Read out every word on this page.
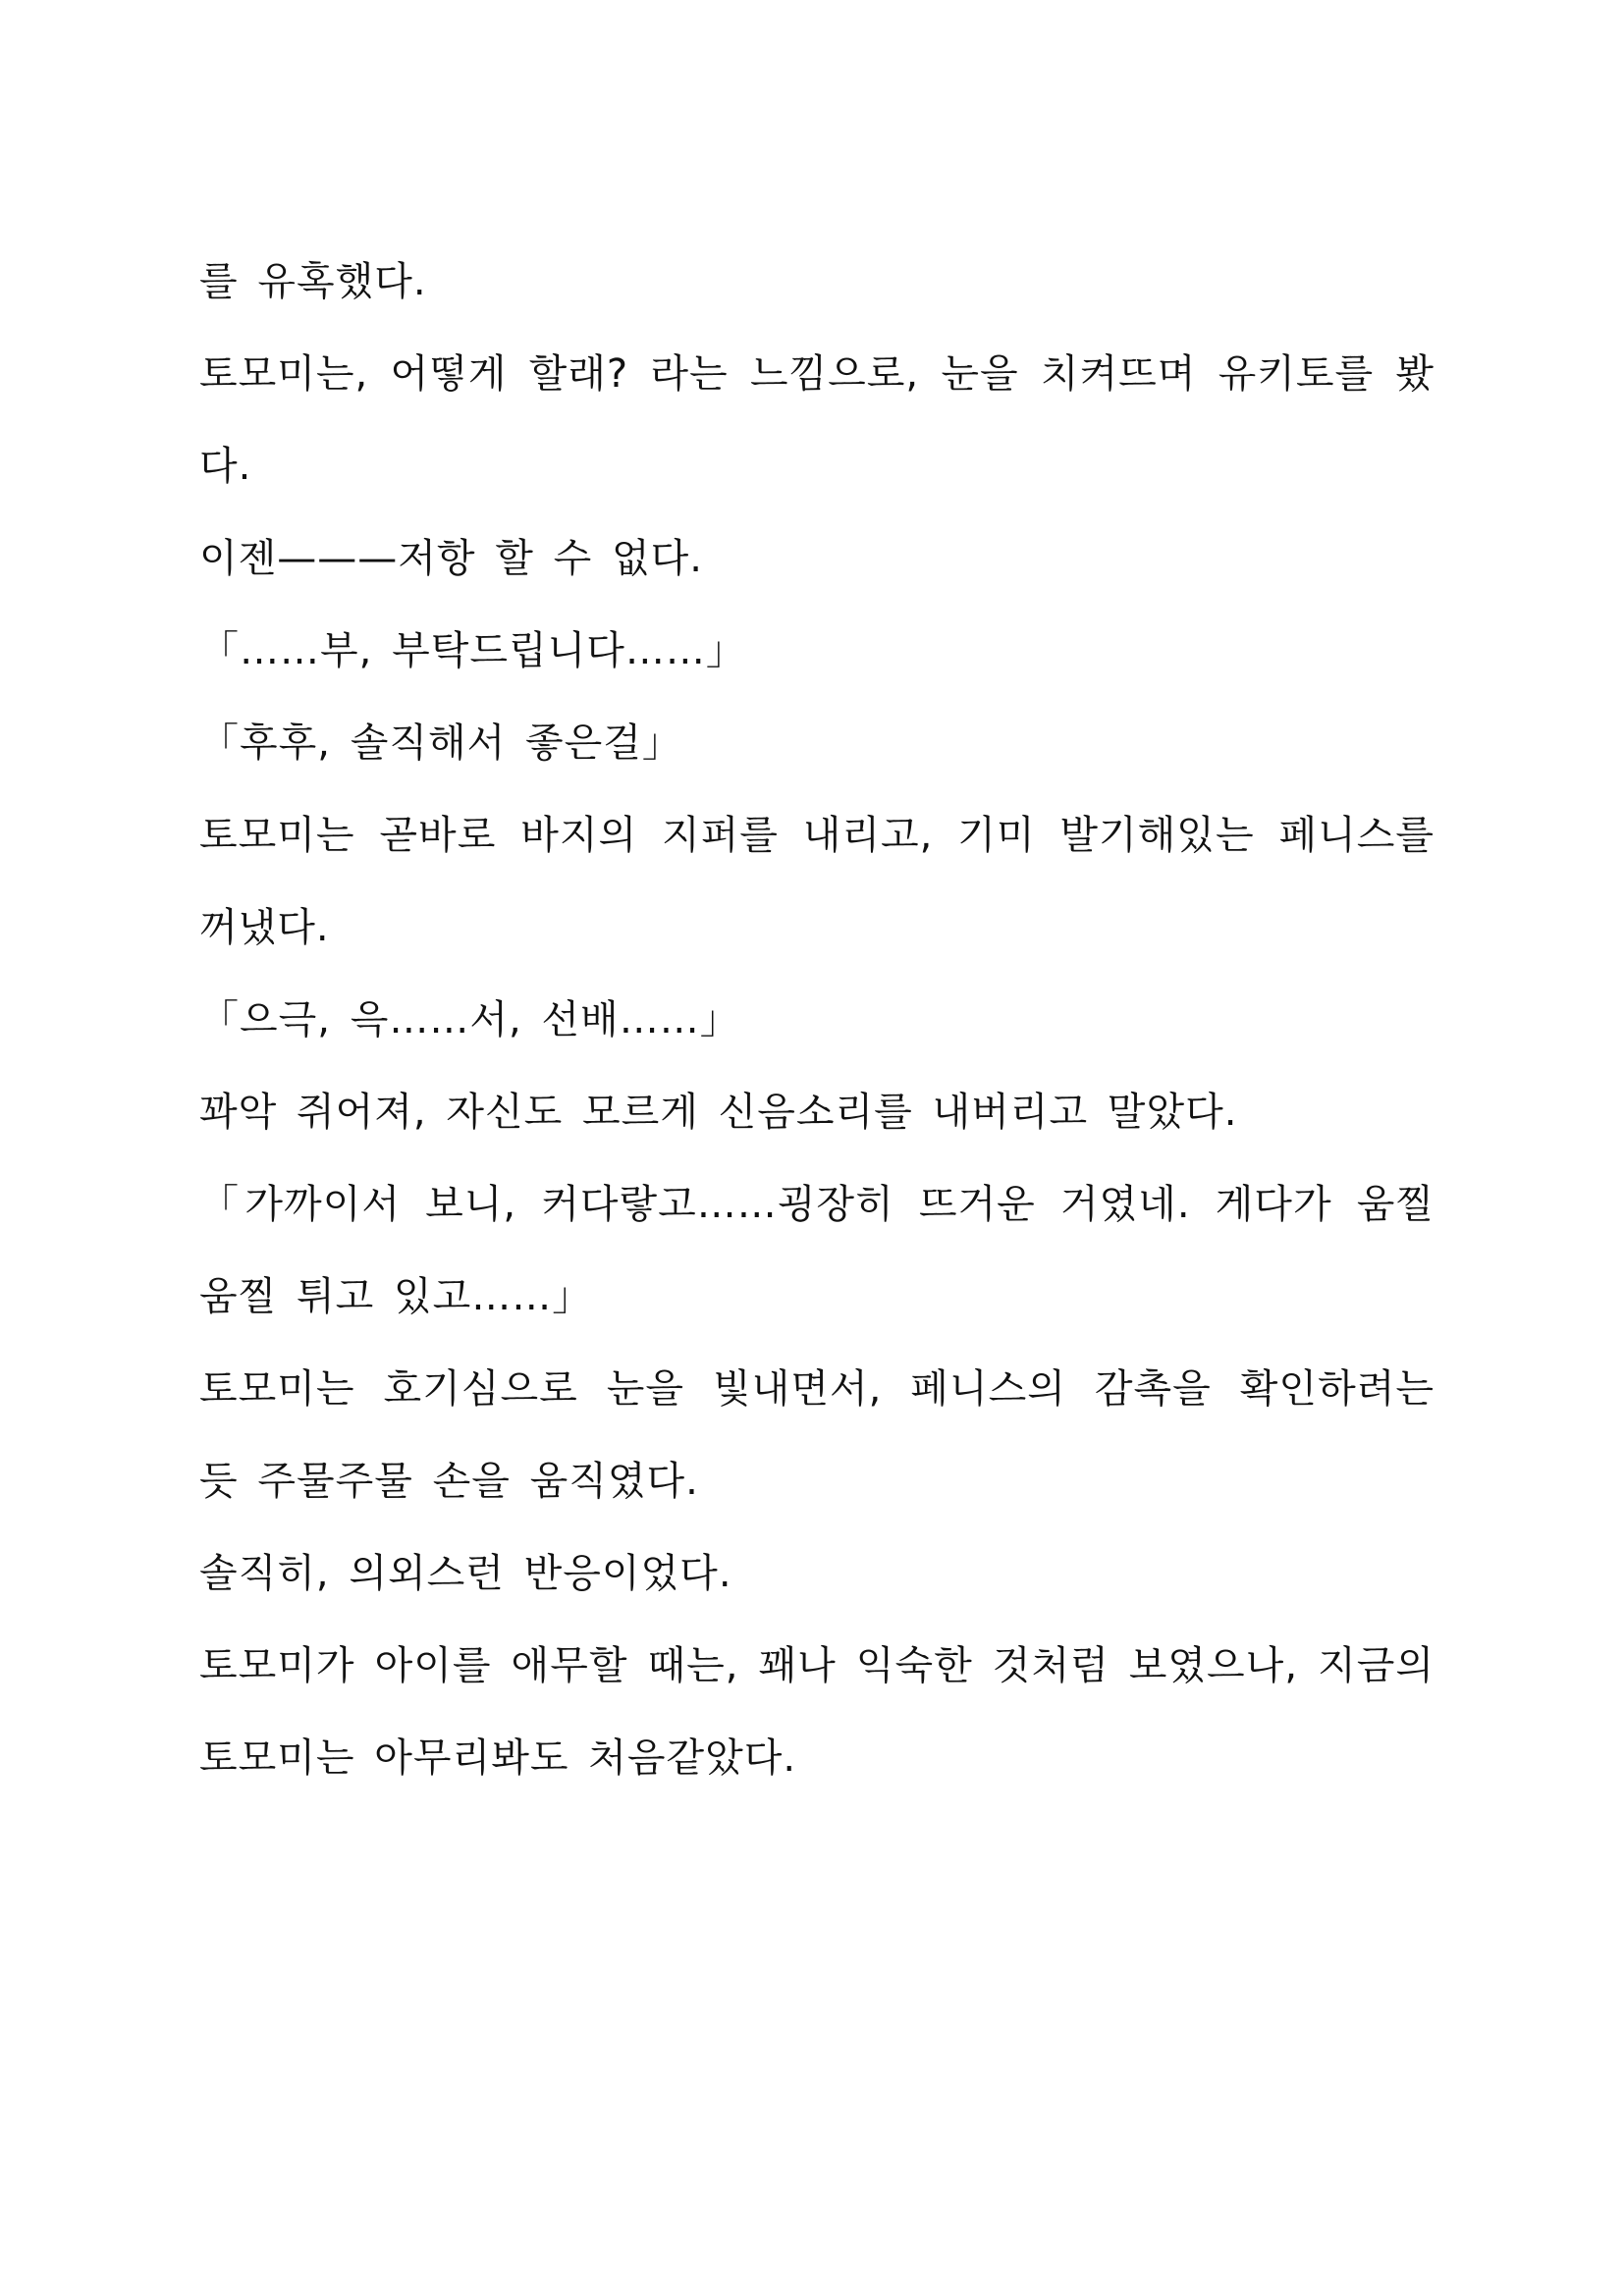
를 유혹했다.

토모미는, 어떻게 할래? 라는 느낌으로, 눈을 치켜뜨며 유키토를 봤다.

이젠———저항 할 수 없다.

「……부, 부탁드립니다……」

「후후, 솔직해서 좋은걸」

토모미는 곧바로 바지의 지퍼를 내리고, 기미 발기해있는 페니스를 꺼냈다.

「으극, 윽……서, 선배……」

꽈악 쥐어져, 자신도 모르게 신음소리를 내버리고 말았다.

「가까이서 보니, 커다랗고……굉장히 뜨거운 거였네. 게다가 움찔움찔 튀고 있고……」

토모미는 호기심으로 눈을 빛내면서, 페니스의 감촉을 확인하려는 듯 주물주물 손을 움직였다.

솔직히, 의외스런 반응이었다.

토모미가 아이를 애무할 때는, 꽤나 익숙한 것처럼 보였으나, 지금의 토모미는 아무리봐도 처음같았다.
